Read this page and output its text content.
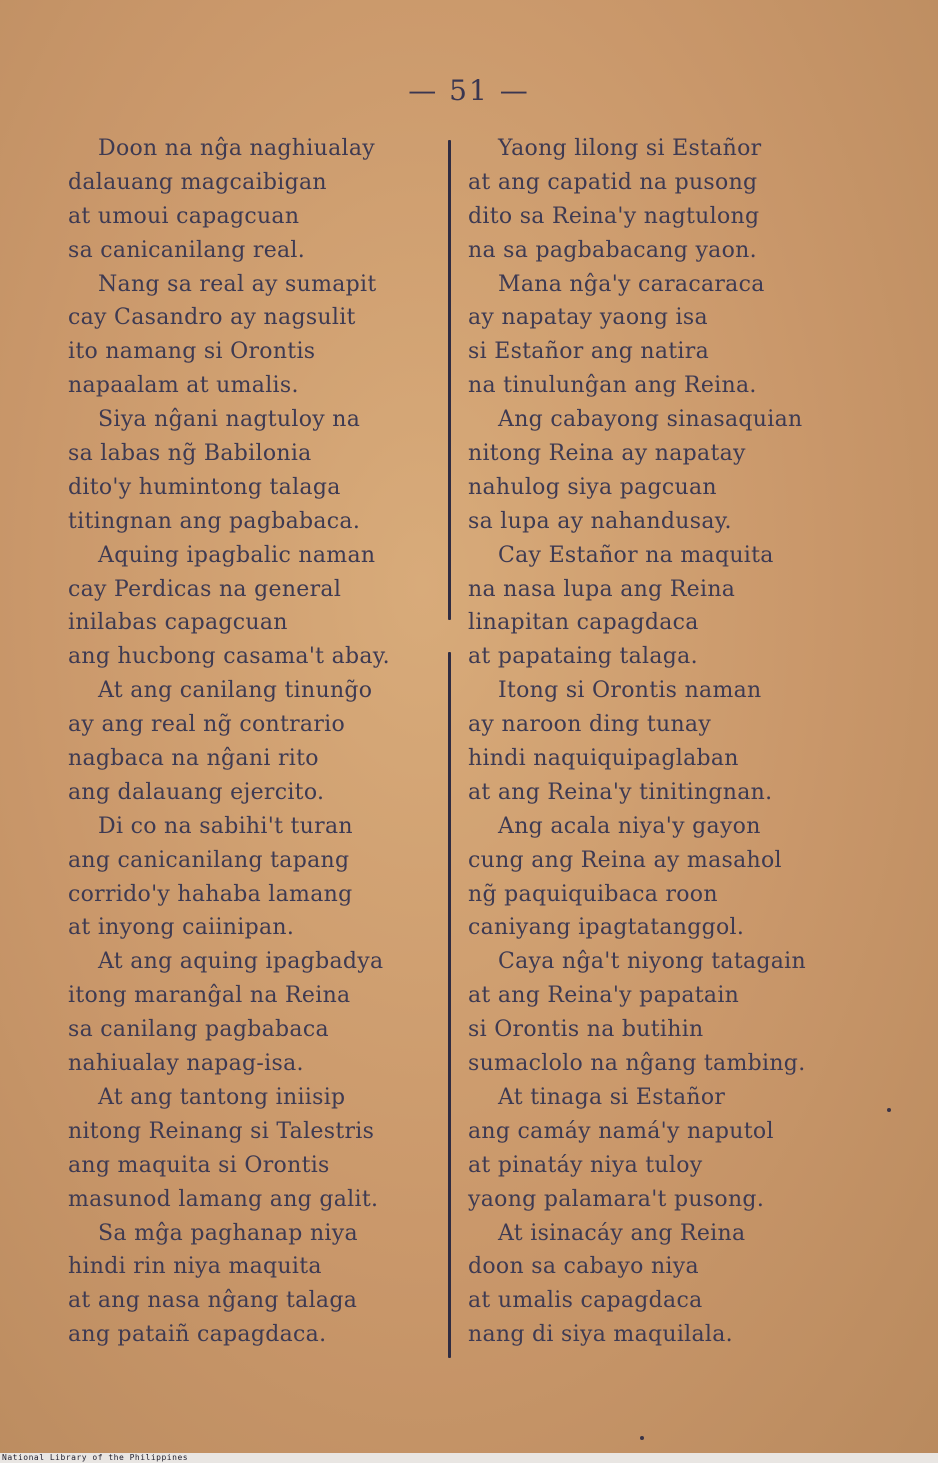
— 51 —
Doon na nĝa naghiualay
dalauang magcaibigan
at umoui capagcuan
sa canicanilang real.
Nang sa real ay sumapit
cay Casandro ay nagsulit
ito namang si Orontis
napaalam at umalis.
Siya nĝani nagtuloy na
sa labas ng̃ Babilonia
dito'y humintong talaga
titingnan ang pagbabaca.
Aquing ipagbalic naman
cay Perdicas na general
inilabas capagcuan
ang hucbong casama't abay.
At ang canilang tinung̃o
ay ang real ng̃ contrario
nagbaca na nĝani rito
ang dalauang ejercito.
Di co na sabihi't turan
ang canicanilang tapang
corrido'y hahaba lamang
at inyong caiinipan.
At ang aquing ipagbadya
itong maranĝal na Reina
sa canilang pagbabaca
nahiualay napag-isa.
At ang tantong iniisip
nitong Reinang si Talestris
ang maquita si Orontis
masunod lamang ang galit.
Sa mĝa paghanap niya
hindi rin niya maquita
at ang nasa nĝang talaga
ang pataiñ capagdaca.
Yaong lilong si Estañor
at ang capatid na pusong
dito sa Reina'y nagtulong
na sa pagbabacang yaon.
Mana nĝa'y caracaraca
ay napatay yaong isa
si Estañor ang natira
na tinulunĝan ang Reina.
Ang cabayong sinasaquian
nitong Reina ay napatay
nahulog siya pagcuan
sa lupa ay nahandusay.
Cay Estañor na maquita
na nasa lupa ang Reina
linapitan capagdaca
at papataing talaga.
Itong si Orontis naman
ay naroon ding tunay
hindi naquiquipaglaban
at ang Reina'y tinitingnan.
Ang acala niya'y gayon
cung ang Reina ay masahol
ng̃ paquiquibaca roon
caniyang ipagtatanggol.
Caya nĝa't niyong tatagain
at ang Reina'y papatain
si Orontis na butihin
sumaclolo na nĝang tambing.
At tinaga si Estañor
ang camáy namá'y naputol
at pinatáy niya tuloy
yaong palamara't pusong.
At isinacáy ang Reina
doon sa cabayo niya
at umalis capagdaca
nang di siya maquilala.
National Library of the Philippines
